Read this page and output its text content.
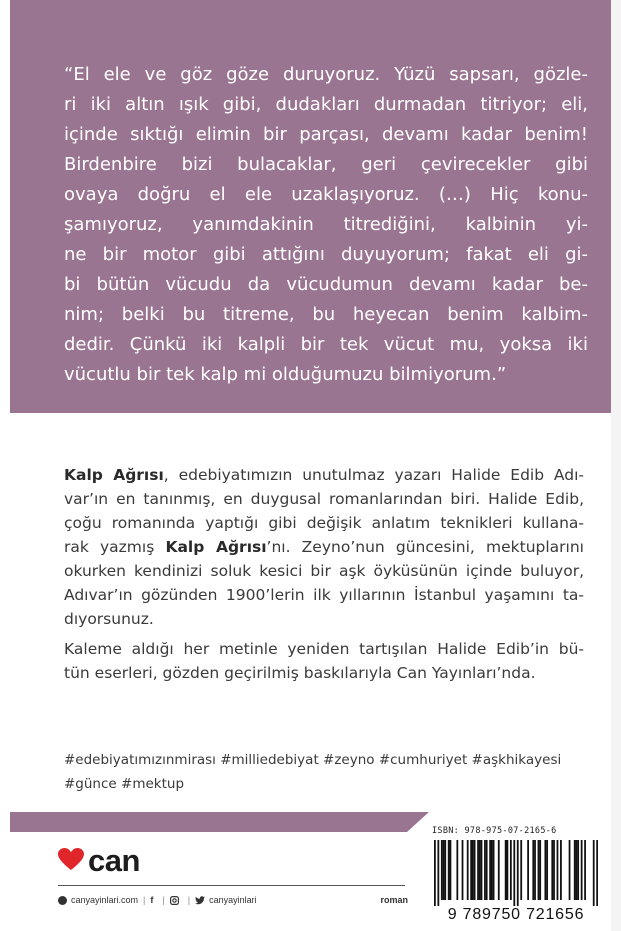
“El ele ve göz göze duruyoruz. Yüzü sapsarı, gözle-
ri iki altın ışık gibi, dudakları durmadan titriyor; eli,
içinde sıktığı elimin bir parçası, devamı kadar benim!
Birdenbire bizi bulacaklar, geri çevirecekler gibi
ovaya doğru el ele uzaklaşıyoruz. (…) Hiç konu-
şamıyoruz, yanımdakinin titrediğini, kalbinin yi-
ne bir motor gibi attığını duyuyorum; fakat eli gi-
bi bütün vücudu da vücudumun devamı kadar be-
nim; belki bu titreme, bu heyecan benim kalbim-
dedir. Çünkü iki kalpli bir tek vücut mu, yoksa iki
vücutlu bir tek kalp mi olduğumuzu bilmiyorum.”

Kalp Ağrısı, edebiyatımızın unutulmaz yazarı Halide Edib Adı-
var’ın en tanınmış, en duygusal romanlarından biri. Halide Edib,
çoğu romanında yaptığı gibi değişik anlatım teknikleri kullana-
rak yazmış Kalp Ağrısı’nı. Zeyno’nun güncesini, mektuplarını
okurken kendinizi soluk kesici bir aşk öyküsünün içinde buluyor,
Adıvar’ın gözünden 1900’lerin ilk yıllarının İstanbul yaşamını ta-
dıyorsunuz.

Kaleme aldığı her metinle yeniden tartışılan Halide Edib’in bü-
tün eserleri, gözden geçirilmiş baskılarıyla Can Yayınları’nda.

#edebiyatımızınmirası #milliedebiyat #zeyno #cumhuriyet #aşkhikayesi
#günce #mektup
ISBN: 978-975-07-2165-6
9 789750 721656
can
canyayinlari.com | f |	| canyayinlari	roman
